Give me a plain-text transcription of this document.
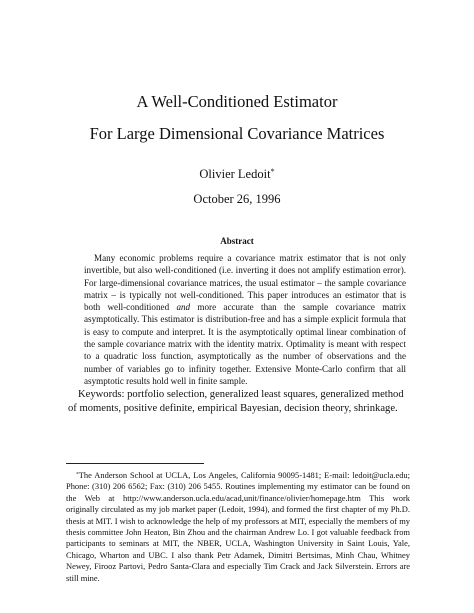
A Well-Conditioned Estimator
For Large Dimensional Covariance Matrices
Olivier Ledoit*
October 26, 1996
Abstract

Many economic problems require a covariance matrix estimator that is not only invertible, but also well-conditioned (i.e. inverting it does not amplify estimation error). For large-dimensional covariance matrices, the usual estimator – the sample covariance matrix – is typically not well-conditioned. This paper introduces an estimator that is both well-conditioned and more accurate than the sample covariance matrix asymptotically. This estimator is distribution-free and has a simple explicit formula that is easy to compute and interpret. It is the asymptotically optimal linear combination of the sample covariance matrix with the identity matrix. Optimality is meant with respect to a quadratic loss function, asymptotically as the number of observations and the number of variables go to infinity together. Extensive Monte-Carlo confirm that all asymptotic results hold well in finite sample.

Keywords: portfolio selection, generalized least squares, generalized method of moments, positive definite, empirical Bayesian, decision theory, shrinkage.

*The Anderson School at UCLA, Los Angeles, California 90095-1481; E-mail: ledoit@ucla.edu; Phone: (310) 206 6562; Fax: (310) 206 5455. Routines implementing my estimator can be found on the Web at http://www.anderson.ucla.edu/acad,unit/finance/olivier/homepage.htm This work originally circulated as my job market paper (Ledoit, 1994), and formed the first chapter of my Ph.D. thesis at MIT. I wish to acknowledge the help of my professors at MIT, especially the members of my thesis committee John Heaton, Bin Zhou and the chairman Andrew Lo. I got valuable feedback from participants to seminars at MIT, the NBER, UCLA, Washington University in Saint Louis, Yale, Chicago, Wharton and UBC. I also thank Petr Adamek, Dimitri Bertsimas, Minh Chau, Whitney Newey, Firooz Partovi, Pedro Santa-Clara and especially Tim Crack and Jack Silverstein. Errors are still mine.
